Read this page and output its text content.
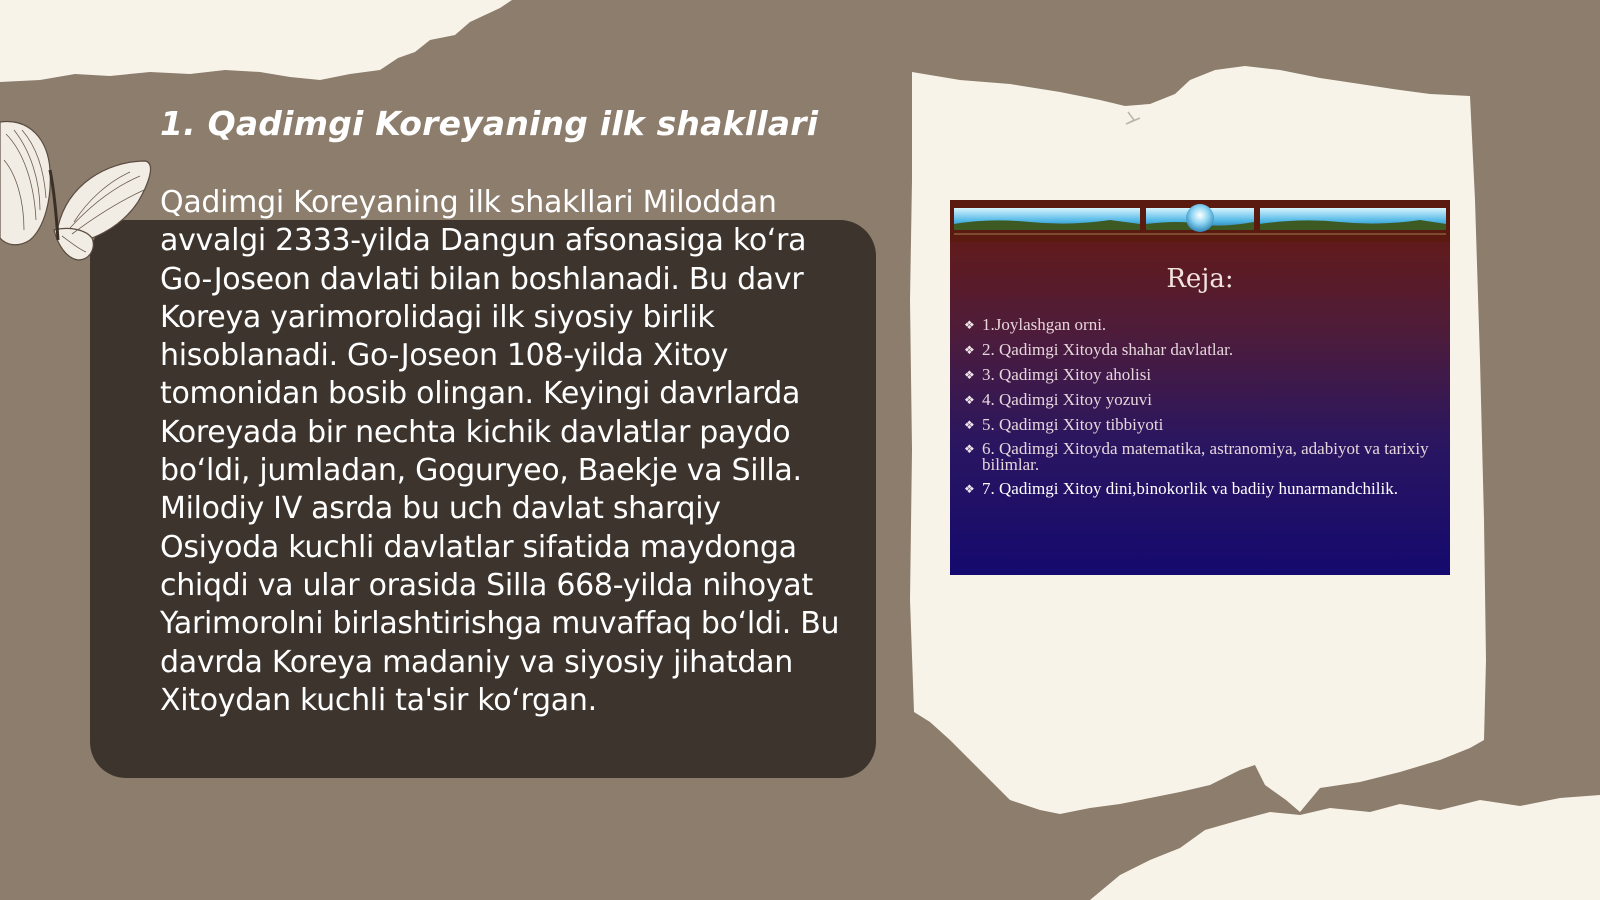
Reja:
❖ 1.Joylashgan orni.
❖ 2. Qadimgi Xitoyda shahar davlatlar.
❖ 3. Qadimgi Xitoy aholisi
❖ 4. Qadimgi Xitoy yozuvi
❖ 5. Qadimgi Xitoy tibbiyoti
❖ 6. Qadimgi Xitoyda matematika, astranomiya, adabiyot va tarixiy bilimlar.
❖ 7. Qadimgi Xitoy dini,binokorlik va badiiy hunarmandchilik.
1. Qadimgi Koreyaning ilk shakllari

Qadimgi Koreyaning ilk shakllari Miloddan avvalgi 2333-yilda Dangun afsonasiga ko‘ra Go-Joseon davlati bilan boshlanadi. Bu davr Koreya yarimorolidagi ilk siyosiy birlik hisoblanadi. Go-Joseon 108-yilda Xitoy tomonidan bosib olingan. Keyingi davrlarda Koreyada bir nechta kichik davlatlar paydo bo‘ldi, jumladan, Goguryeo, Baekje va Silla. Milodiy IV asrda bu uch davlat sharqiy Osiyoda kuchli davlatlar sifatida maydonga chiqdi va ular orasida Silla 668-yilda nihoyat Yarimorolni birlashtirishga muvaffaq bo‘ldi. Bu davrda Koreya madaniy va siyosiy jihatdan Xitoydan kuchli ta'sir ko‘rgan.
